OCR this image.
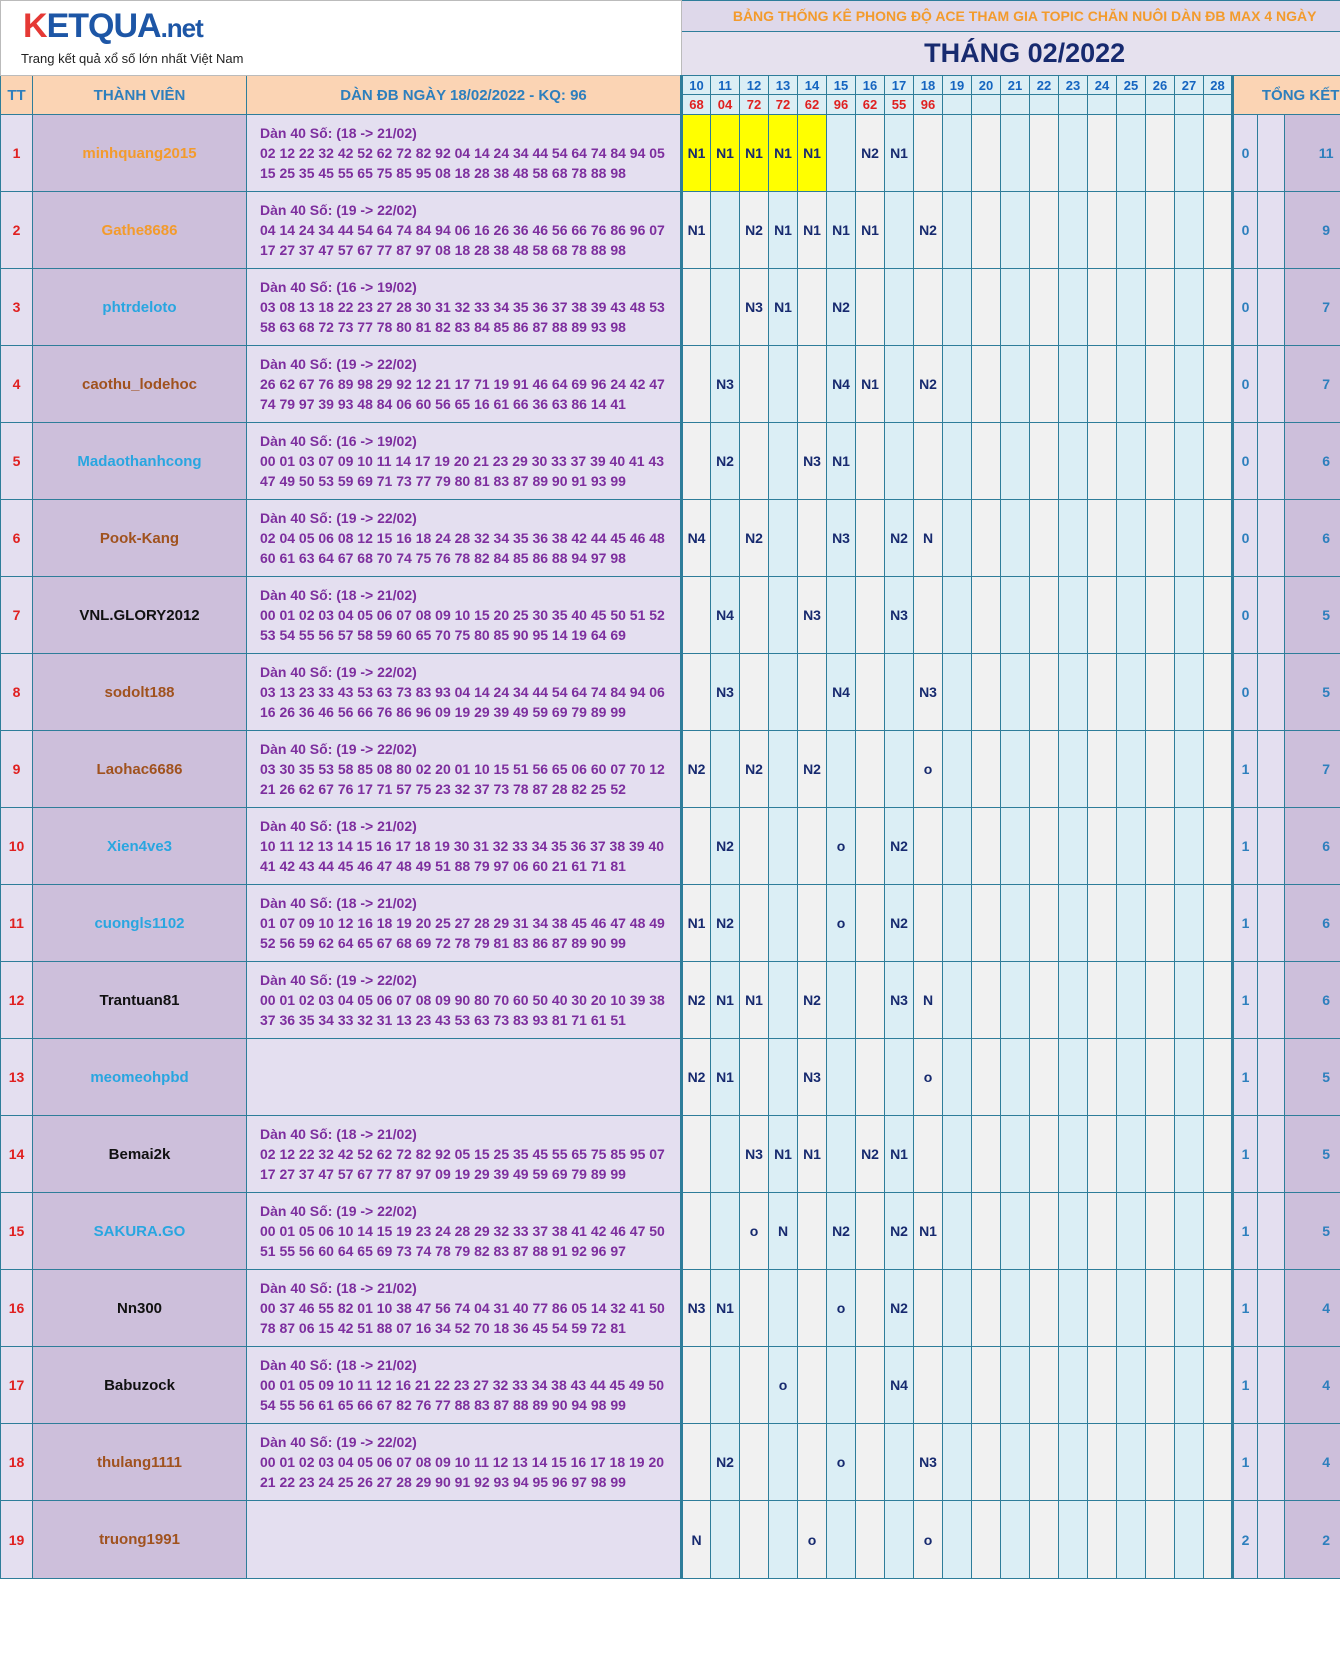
KETQUA.net
Trang kết quả xổ số lớn nhất Việt Nam			BẢNG THỐNG KÊ PHONG ĐỘ ACE THAM GIA TOPIC CHĂN NUÔI DÀN ĐB MAX 4 NGÀY																					
			THÁNG 02/2022																					
TT	THÀNH VIÊN	DÀN ĐB NGÀY 18/02/2022 - KQ: 96	10	11	12	13	14	15	16	17	18	19	20	21	22	23	24	25	26	27	28	TỔNG KẾT		
			68	04	72	72	62	96	62	55	96													
1	minhquang2015	Dàn 40 Số: (18 -> 21/02)
02 12 22 32 42 52 62 72 82 92 04 14 24 34 44 54 64 74 84 94 05
15 25 35 45 55 65 75 85 95 08 18 28 38 48 58 68 78 88 98	N1	N1	N1	N1	N1		N2	N1												0		11
2	Gathe8686	Dàn 40 Số: (19 -> 22/02)
04 14 24 34 44 54 64 74 84 94 06 16 26 36 46 56 66 76 86 96 07
17 27 37 47 57 67 77 87 97 08 18 28 38 48 58 68 78 88 98	N1		N2	N1	N1	N1	N1		N2											0		9
3	phtrdeloto	Dàn 40 Số: (16 -> 19/02)
03 08 13 18 22 23 27 28 30 31 32 33 34 35 36 37 38 39 43 48 53
58 63 68 72 73 77 78 80 81 82 83 84 85 86 87 88 89 93 98			N3	N1		N2														0		7
4	caothu_lodehoc	Dàn 40 Số: (19 -> 22/02)
26 62 67 76 89 98 29 92 12 21 17 71 19 91 46 64 69 96 24 42 47
74 79 97 39 93 48 84 06 60 56 65 16 61 66 36 63 86 14 41		N3				N4	N1		N2											0		7
5	Madaothanhcong	Dàn 40 Số: (16 -> 19/02)
00 01 03 07 09 10 11 14 17 19 20 21 23 29 30 33 37 39 40 41 43
47 49 50 53 59 69 71 73 77 79 80 81 83 87 89 90 91 93 99		N2			N3	N1														0		6
6	Pook-Kang	Dàn 40 Số: (19 -> 22/02)
02 04 05 06 08 12 15 16 18 24 28 32 34 35 36 38 42 44 45 46 48
60 61 63 64 67 68 70 74 75 76 78 82 84 85 86 88 94 97 98	N4		N2			N3		N2	N											0		6
7	VNL.GLORY2012	Dàn 40 Số: (18 -> 21/02)
00 01 02 03 04 05 06 07 08 09 10 15 20 25 30 35 40 45 50 51 52
53 54 55 56 57 58 59 60 65 70 75 80 85 90 95 14 19 64 69		N4			N3			N3												0		5
8	sodolt188	Dàn 40 Số: (19 -> 22/02)
03 13 23 33 43 53 63 73 83 93 04 14 24 34 44 54 64 74 84 94 06
16 26 36 46 56 66 76 86 96 09 19 29 39 49 59 69 79 89 99		N3				N4			N3											0		5
9	Laohac6686	Dàn 40 Số: (19 -> 22/02)
03 30 35 53 58 85 08 80 02 20 01 10 15 51 56 65 06 60 07 70 12
21 26 62 67 76 17 71 57 75 23 32 37 73 78 87 28 82 25 52	N2		N2		N2				o											1		7
10	Xien4ve3	Dàn 40 Số: (18 -> 21/02)
10 11 12 13 14 15 16 17 18 19 30 31 32 33 34 35 36 37 38 39 40
41 42 43 44 45 46 47 48 49 51 88 79 97 06 60 21 61 71 81		N2				o		N2												1		6
11	cuongls1102	Dàn 40 Số: (18 -> 21/02)
01 07 09 10 12 16 18 19 20 25 27 28 29 31 34 38 45 46 47 48 49
52 56 59 62 64 65 67 68 69 72 78 79 81 83 86 87 89 90 99	N1	N2				o		N2												1		6
12	Trantuan81	Dàn 40 Số: (19 -> 22/02)
00 01 02 03 04 05 06 07 08 09 90 80 70 60 50 40 30 20 10 39 38
37 36 35 34 33 32 31 13 23 43 53 63 73 83 93 81 71 61 51	N2	N1	N1		N2			N3	N											1		6
13	meomeohpbd		N2	N1			N3				o											1		5
14	Bemai2k	Dàn 40 Số: (18 -> 21/02)
02 12 22 32 42 52 62 72 82 92 05 15 25 35 45 55 65 75 85 95 07
17 27 37 47 57 67 77 87 97 09 19 29 39 49 59 69 79 89 99			N3	N1	N1		N2	N1												1		5
15	SAKURA.GO	Dàn 40 Số: (19 -> 22/02)
00 01 05 06 10 14 15 19 23 24 28 29 32 33 37 38 41 42 46 47 50
51 55 56 60 64 65 69 73 74 78 79 82 83 87 88 91 92 96 97			o	N		N2		N2	N1											1		5
16	Nn300	Dàn 40 Số: (18 -> 21/02)
00 37 46 55 82 01 10 38 47 56 74 04 31 40 77 86 05 14 32 41 50
78 87 06 15 42 51 88 07 16 34 52 70 18 36 45 54 59 72 81	N3	N1				o		N2												1		4
17	Babuzock	Dàn 40 Số: (18 -> 21/02)
00 01 05 09 10 11 12 16 21 22 23 27 32 33 34 38 43 44 45 49 50
54 55 56 61 65 66 67 82 76 77 88 83 87 88 89 90 94 98 99				o				N4												1		4
18	thulang1111	Dàn 40 Số: (19 -> 22/02)
00 01 02 03 04 05 06 07 08 09 10 11 12 13 14 15 16 17 18 19 20
21 22 23 24 25 26 27 28 29 90 91 92 93 94 95 96 97 98 99		N2				o			N3											1		4
19	truong1991		N				o				o											2		2
